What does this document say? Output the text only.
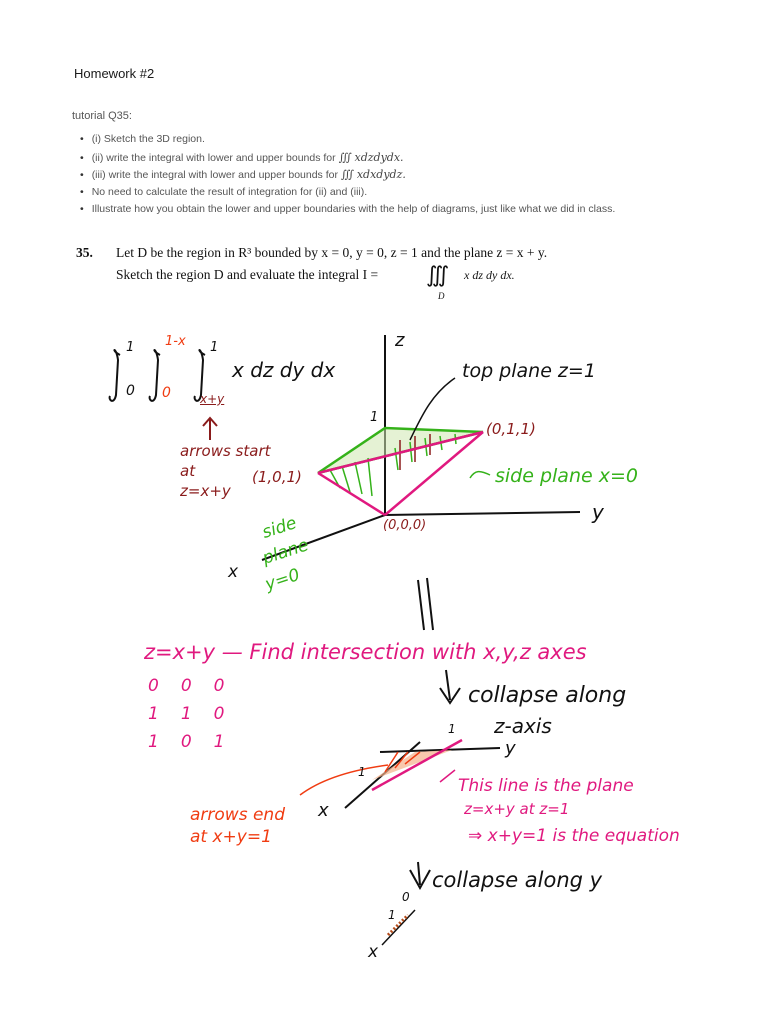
Homework #2
tutorial Q35:
• (i) Sketch the 3D region.
• (ii) write the integral with lower and upper bounds for ∭ xdzdydx.
• (iii) write the integral with lower and upper bounds for ∭ xdxdydz.
• No need to calculate the result of integration for (ii) and (iii).
• Illustrate how you obtain the lower and upper boundaries with the help of diagrams, just like what we did in class.
35. Let D be the region in R³ bounded by x = 0, y = 0, z = 1 and the plane z = x + y.
Sketch the region D and evaluate the integral I = ∭ x dz dy dx.
D
0 0
1 1-x 1
x+y
x dz dy dx
arrows start
at
z=x+y
(1,0,1)
z
1
top plane z=1
(0,1,1)
side plane x=0
y
(0,0,0)
side
plane
y=0
x
z=x+y — Find intersection with x,y,z axes
000
110
101
collapse along
z-axis
1
1
y
x
This line is the plane
z=x+y at z=1
⇒ x+y=1 is the equation
arrows end
at x+y=1
collapse along y
0
1
x
